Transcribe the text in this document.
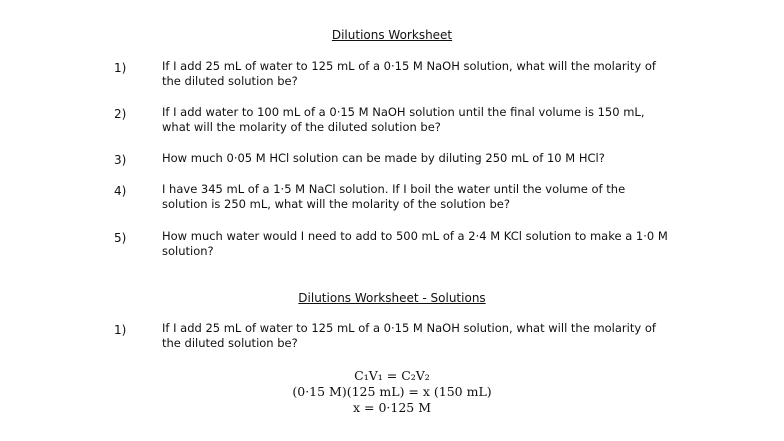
Dilutions Worksheet
1)	If I add 25 mL of water to 125 mL of a 0·15 M NaOH solution, what will the molarity of the diluted solution be?
2)	If I add water to 100 mL of a 0·15 M NaOH solution until the final volume is 150 mL, what will the molarity of the diluted solution be?
3)	How much 0·05 M HCl solution can be made by diluting 250 mL of 10 M HCl?
4)	I have 345 mL of a 1·5 M NaCl solution. If I boil the water until the volume of the solution is 250 mL, what will the molarity of the solution be?
5)	How much water would I need to add to 500 mL of a 2·4 M KCl solution to make a 1·0 M solution?
Dilutions Worksheet - Solutions
1)	If I add 25 mL of water to 125 mL of a 0·15 M NaOH solution, what will the molarity of the diluted solution be?
C₁V₁ = C₂V₂
(0·15 M)(125 mL) = x (150 mL)
x = 0·125 M
